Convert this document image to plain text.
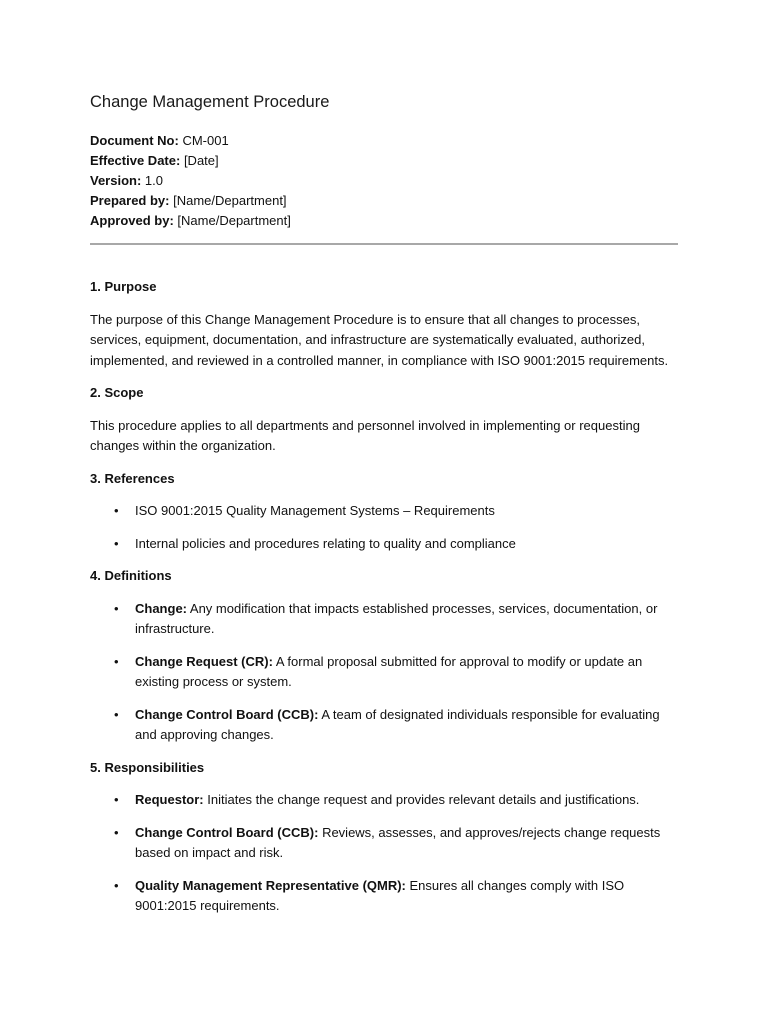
Change Management Procedure
Document No: CM-001
Effective Date: [Date]
Version: 1.0
Prepared by: [Name/Department]
Approved by: [Name/Department]
1. Purpose

The purpose of this Change Management Procedure is to ensure that all changes to processes, services, equipment, documentation, and infrastructure are systematically evaluated, authorized, implemented, and reviewed in a controlled manner, in compliance with ISO 9001:2015 requirements.

2. Scope

This procedure applies to all departments and personnel involved in implementing or requesting changes within the organization.

3. References
• ISO 9001:2015 Quality Management Systems – Requirements
• Internal policies and procedures relating to quality and compliance
4. Definitions
• Change: Any modification that impacts established processes, services, documentation, or infrastructure.
• Change Request (CR): A formal proposal submitted for approval to modify or update an existing process or system.
• Change Control Board (CCB): A team of designated individuals responsible for evaluating and approving changes.
5. Responsibilities
• Requestor: Initiates the change request and provides relevant details and justifications.
• Change Control Board (CCB): Reviews, assesses, and approves/rejects change requests based on impact and risk.
• Quality Management Representative (QMR): Ensures all changes comply with ISO 9001:2015 requirements.
